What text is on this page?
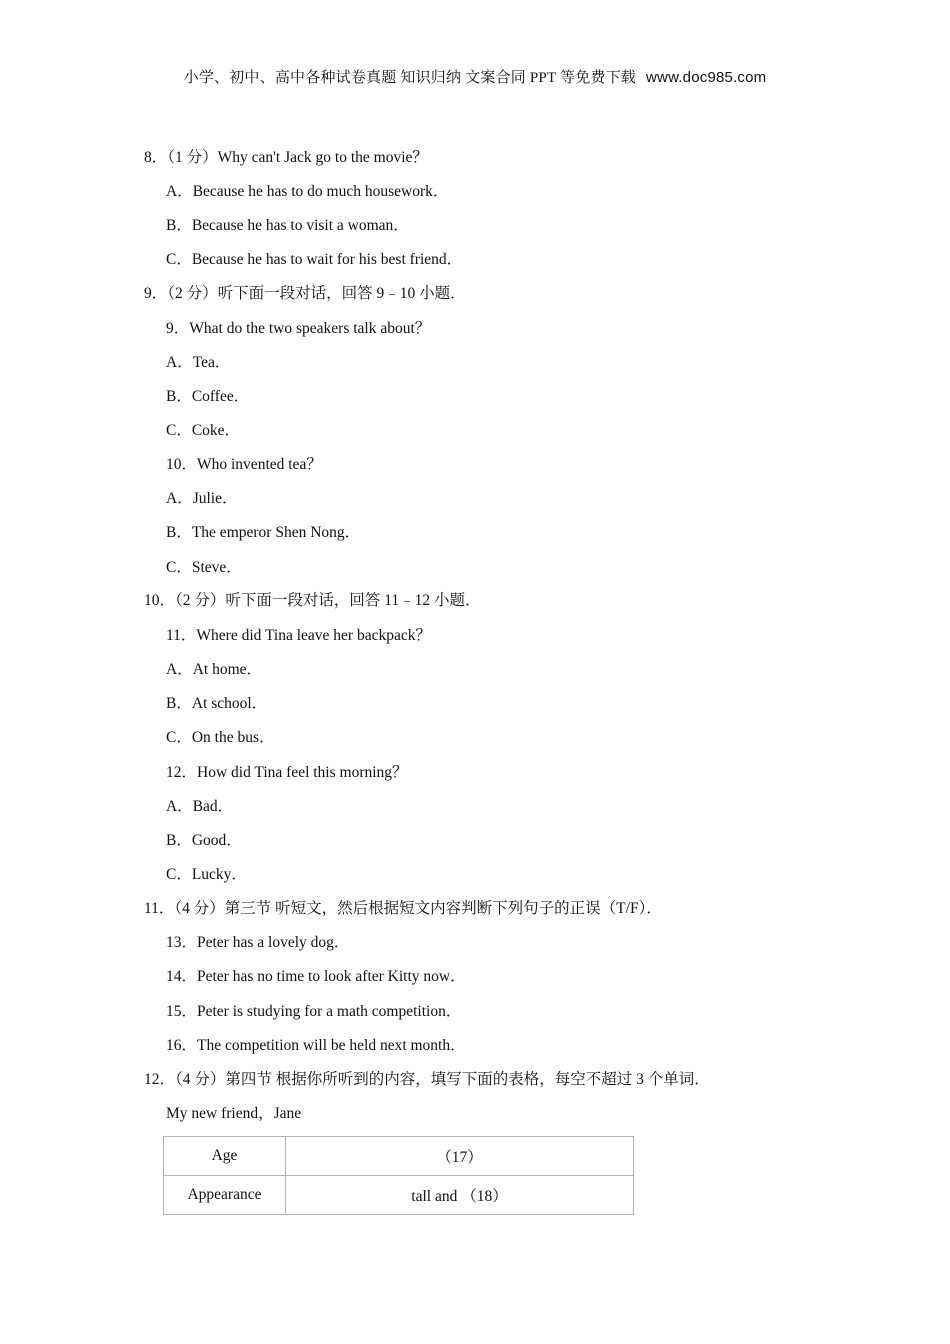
小学、初中、高中各种试卷真题 知识归纳 文案合同 PPT 等免费下载 www.doc985.com
8．（1 分）Why can't Jack go to the movie？
A．Because he has to do much housework．
B．Because he has to visit a woman．
C．Because he has to wait for his best friend．
9．（2 分）听下面一段对话，回答 9﹣10 小题．
9．What do the two speakers talk about？
A．Tea．
B．Coffee．
C．Coke．
10．Who invented tea？
A．Julie．
B．The emperor Shen Nong．
C．Steve．
10．（2 分）听下面一段对话，回答 11﹣12 小题．
11．Where did Tina leave her backpack？
A．At home．
B．At school．
C．On the bus．
12．How did Tina feel this morning？
A．Bad．
B．Good．
C．Lucky．
11．（4 分）第三节 听短文，然后根据短文内容判断下列句子的正误（T/F）．
13．Peter has a lovely dog．
14．Peter has no time to look after Kitty now．
15．Peter is studying for a math competition．
16．The competition will be held next month．
12．（4 分）第四节 根据你所听到的内容，填写下面的表格，每空不超过 3 个单词．
My new friend，Jane
Age	（17）
Appearance	tall and （18）
